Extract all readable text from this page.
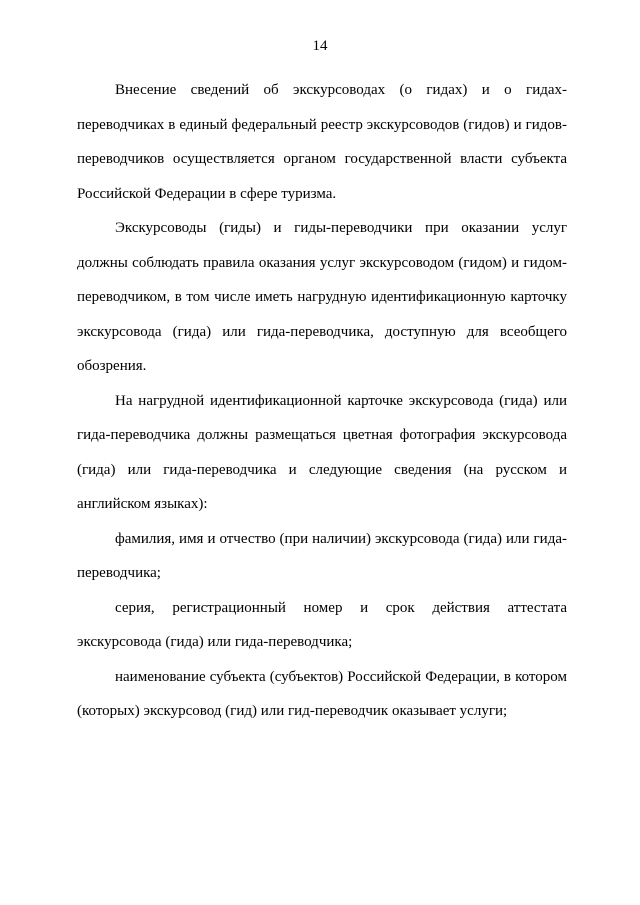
14

Внесение сведений об экскурсоводах (о гидах) и о гидах-переводчиках в единый федеральный реестр экскурсоводов (гидов) и гидов-переводчиков осуществляется органом государственной власти субъекта Российской Федерации в сфере туризма.

Экскурсоводы (гиды) и гиды-переводчики при оказании услуг должны соблюдать правила оказания услуг экскурсоводом (гидом) и гидом-переводчиком, в том числе иметь нагрудную идентификационную карточку экскурсовода (гида) или гида-переводчика, доступную для всеобщего обозрения.

На нагрудной идентификационной карточке экскурсовода (гида) или гида-переводчика должны размещаться цветная фотография экскурсовода (гида) или гида-переводчика и следующие сведения (на русском и английском языках):

фамилия, имя и отчество (при наличии) экскурсовода (гида) или гида-переводчика;

серия, регистрационный номер и срок действия аттестата экскурсовода (гида) или гида-переводчика;

наименование субъекта (субъектов) Российской Федерации, в котором (которых) экскурсовод (гид) или гид-переводчик оказывает услуги;
